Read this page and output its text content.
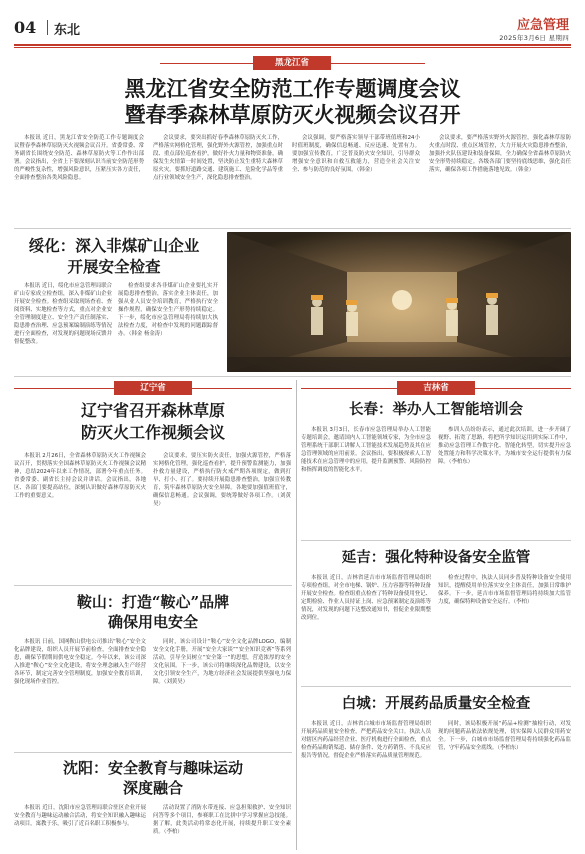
04 东北	应急管理
2025年3月6日 星期四
黑龙江省
黑龙江省安全防范工作专题调度会议
暨春季森林草原防灭火视频会议召开
本报讯 近日，黑龙江省安全防范工作专题调度会议暨春季森林草原防灭火视频会议召开。省委常委、常务副省长围绕安全防范、森林草原防火等工作作出部署。会议指出，全省上下要深刻认识当前安全防范形势的严峻性复杂性，增强风险意识，压紧压实各方责任，全面排查整治各类风险隐患。
会议要求，要突出抓好春季森林草原防灭火工作，严格落实网格化管理，强化野外火源管控，加强重点时段、重点部位巡查看护，做好扑火力量和物资准备，确保发生火情第一时间处置，坚决防止发生重特大森林草原火灾。要抓好道路交通、建筑施工、危险化学品等重点行业领域安全生产，深化隐患排查整治。
会议强调，要严格落实领导干部带班值班和24小时值班制度，确保信息畅通、反应迅速、处置有力。要加强宣传教育，广泛普及防火安全知识，引导群众增强安全意识和自救互救能力，营造全社会关注安全、参与防范的良好氛围。（韩金）
会议要求，要严格落实野外火源管控，强化森林草原防火重点时段、重点区域管控，大力开展火灾隐患排查整治，加强扑火队伍建设和装备保障，全力确保全省森林草原防火安全形势持续稳定。各级各部门要坚持底线思维，强化责任落实，确保各项工作措施落地见效。（韩金）
绥化：深入非煤矿山企业
开展安全检查
本报讯 近日，绥化市应急管理局联合矿山专家成立检查组，深入非煤矿山企业开展安全检查。检查组采取现场查看、查阅资料、实地检查等方式，重点对企业安全管理制度建立、安全生产责任制落实、隐患排查治理、应急预案编制演练等情况进行全面检查，对发现的问题现场反馈并督促整改。
检查组要求各非煤矿山企业要扎实开展隐患排查整治，落实企业主体责任，加强从业人员安全培训教育，严格执行安全操作规程，确保安全生产形势持续稳定。下一步，绥化市应急管理局将持续加大执法检查力度，对检查中发现的问题跟踪督办。（韩金 杨金涛）
辽宁省	吉林省
辽宁省召开森林草原
防灭火工作视频会议
本报讯 2月26日，全省森林草原防灭火工作视频会议召开，贯彻落实全国森林草原防灭火工作视频会议精神，总结2024年以来工作情况，部署今年重点任务。省委常委、副省长主持会议并讲话。会议指出，各地区、各部门要提高站位，深刻认识做好森林草原防灭火工作的重要意义。
会议要求，要压实防火责任，加强火源管控，严格落实网格化管理，强化巡查看护，提升预警监测能力，加强扑救力量建设，严格执行防火戒严期各项规定，做到打早、打小、打了。要持续开展隐患排查整治，加强宣传教育，筑牢森林草原防火安全屏障。各地要加强值班值守，确保信息畅通。会议强调，要统筹做好各项工作。（刘黄昊）
鞍山：打造“鞍心”品牌
确保用电安全
本报讯 日前，国网鞍山供电公司推出“鞍心”安全文化品牌建设，组织人员开展节前检查，全面排查安全隐患，确保节假期间供电安全稳定。今年以来，该公司深入推进“鞍心”安全文化建设，将安全理念融入生产经营各环节，制定完善安全管理制度，加强安全教育培训，强化现场作业管控。
同时，该公司设计“鞍心”安全文化品牌LOGO，编制安全文化手册，开展“安全大家谈”“安全知识竞赛”等系列活动，引导全员树立“安全第一”的思想，营造浓厚的安全文化氛围。下一步，该公司将继续深化品牌建设，以安全文化引领安全生产，为地方经济社会发展提供坚强电力保障。（刘黄昊）
沈阳：安全教育与趣味运动
深度融合
本报讯 近日，沈阳市应急管理局联合驻区企业开展安全教育与趣味运动融合活动，将安全知识融入趣味运动项目，寓教于乐，吸引了近百名职工积极参与。
活动设置了消防水带连接、应急担架救护、安全知识问答等多个项目，参赛职工在比拼中学习掌握应急技能。据了解，此类活动将常态化开展，持续提升职工安全素质。（李柏）
长春：举办人工智能培训会
本报讯 3月3日，长春市应急管理局举办人工智能专题培训会，邀请国内人工智能领域专家，为全市应急管理系统干部职工讲解人工智能技术发展趋势及其在应急管理领域的应用前景。会议指出，要积极探索人工智能技术在应急管理中的应用，提升监测预警、风险防控和指挥调度的智能化水平。
参训人员纷纷表示，通过此次培训，进一步开阔了视野、拓宽了思路，将把所学知识运用到实际工作中，推动应急管理工作数字化、智能化转型，切实提升应急处置能力和科学决策水平，为城市安全运行提供有力保障。（李柏东）
延吉：强化特种设备安全监管
本报讯 近日，吉林省延吉市市场监督管理局组织专项检查组，对全市电梯、锅炉、压力容器等特种设备开展安全检查。检查组重点检查了特种设备使用登记、定期检验、作业人员持证上岗、应急预案制定及演练等情况，对发现的问题下达整改通知书，督促企业限期整改到位。
检查过程中，执法人员同步普及特种设备安全使用知识，提醒使用单位落实安全主体责任，加强日常维护保养。下一步，延吉市市场监督管理局将持续加大监管力度，确保特种设备安全运行。（李柏）
白城：开展药品质量安全检查
本报讯 近日，吉林省白城市市场监督管理局组织开展药品质量安全检查，严把药品安全关口。执法人员对辖区内药品经营企业、医疗机构进行全面检查，重点检查药品购销渠道、储存条件、处方药销售、不良反应报告等情况，督促企业严格落实药品质量管理规范。
同时，该局积极开展“药品+检测”抽检行动，对发现的问题药品依法依规处理，切实保障人民群众用药安全。下一步，白城市市场监督管理局将持续强化药品监管，守牢药品安全底线。（李柏东）
